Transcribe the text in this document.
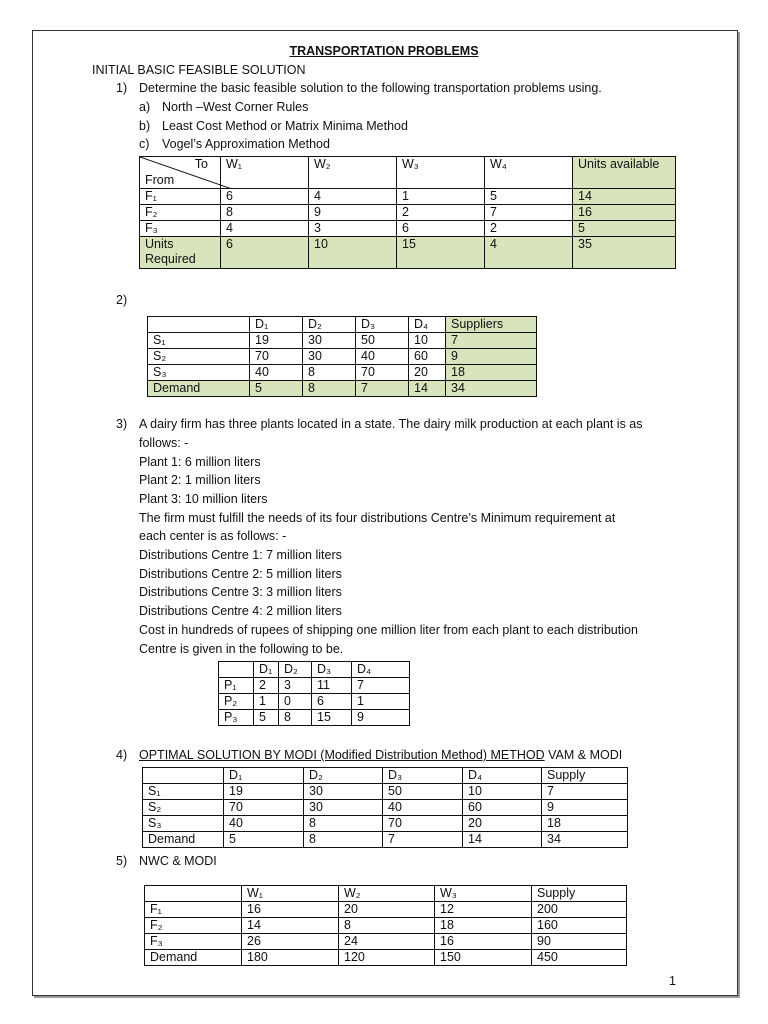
TRANSPORTATION PROBLEMS
INITIAL BASIC FEASIBLE SOLUTION
1) Determine the basic feasible solution to the following transportation problems using.
a) North –West Corner Rules
b) Least Cost Method or Matrix Minima Method
c) Vogel’s Approximation Method
To
From	W₁	W₂	W₃	W₄	Units available
F₁	6	4	1	5	14
F₂	8	9	2	7	16
F₃	4	3	6	2	5
Units Required	6	10	15	4	35
2)
	D₁	D₂	D₃	D₄	Suppliers
S₁	19	30	50	10	7
S₂	70	30	40	60	9
S₃	40	8	70	20	18
Demand	5	8	7	14	34
3) A dairy firm has three plants located in a state. The dairy milk production at each plant is as
follows: -
Plant 1: 6 million liters
Plant 2: 1 million liters
Plant 3: 10 million liters
The firm must fulfill the needs of its four distributions Centre’s Minimum requirement at
each center is as follows: -
Distributions Centre 1: 7 million liters
Distributions Centre 2: 5 million liters
Distributions Centre 3: 3 million liters
Distributions Centre 4: 2 million liters
Cost in hundreds of rupees of shipping one million liter from each plant to each distribution
Centre is given in the following to be.
	D₁	D₂	D₃	D₄
P₁	2	3	11	7
P₂	1	0	6	1
P₃	5	8	15	9
4) OPTIMAL SOLUTION BY MODI (Modified Distribution Method) METHOD VAM & MODI
	D₁	D₂	D₃	D₄	Supply
S₁	19	30	50	10	7
S₂	70	30	40	60	9
S₃	40	8	70	20	18
Demand	5	8	7	14	34
5) NWC & MODI
	W₁	W₂	W₃	Supply
F₁	16	20	12	200
F₂	14	8	18	160
F₃	26	24	16	90
Demand	180	120	150	450
1
